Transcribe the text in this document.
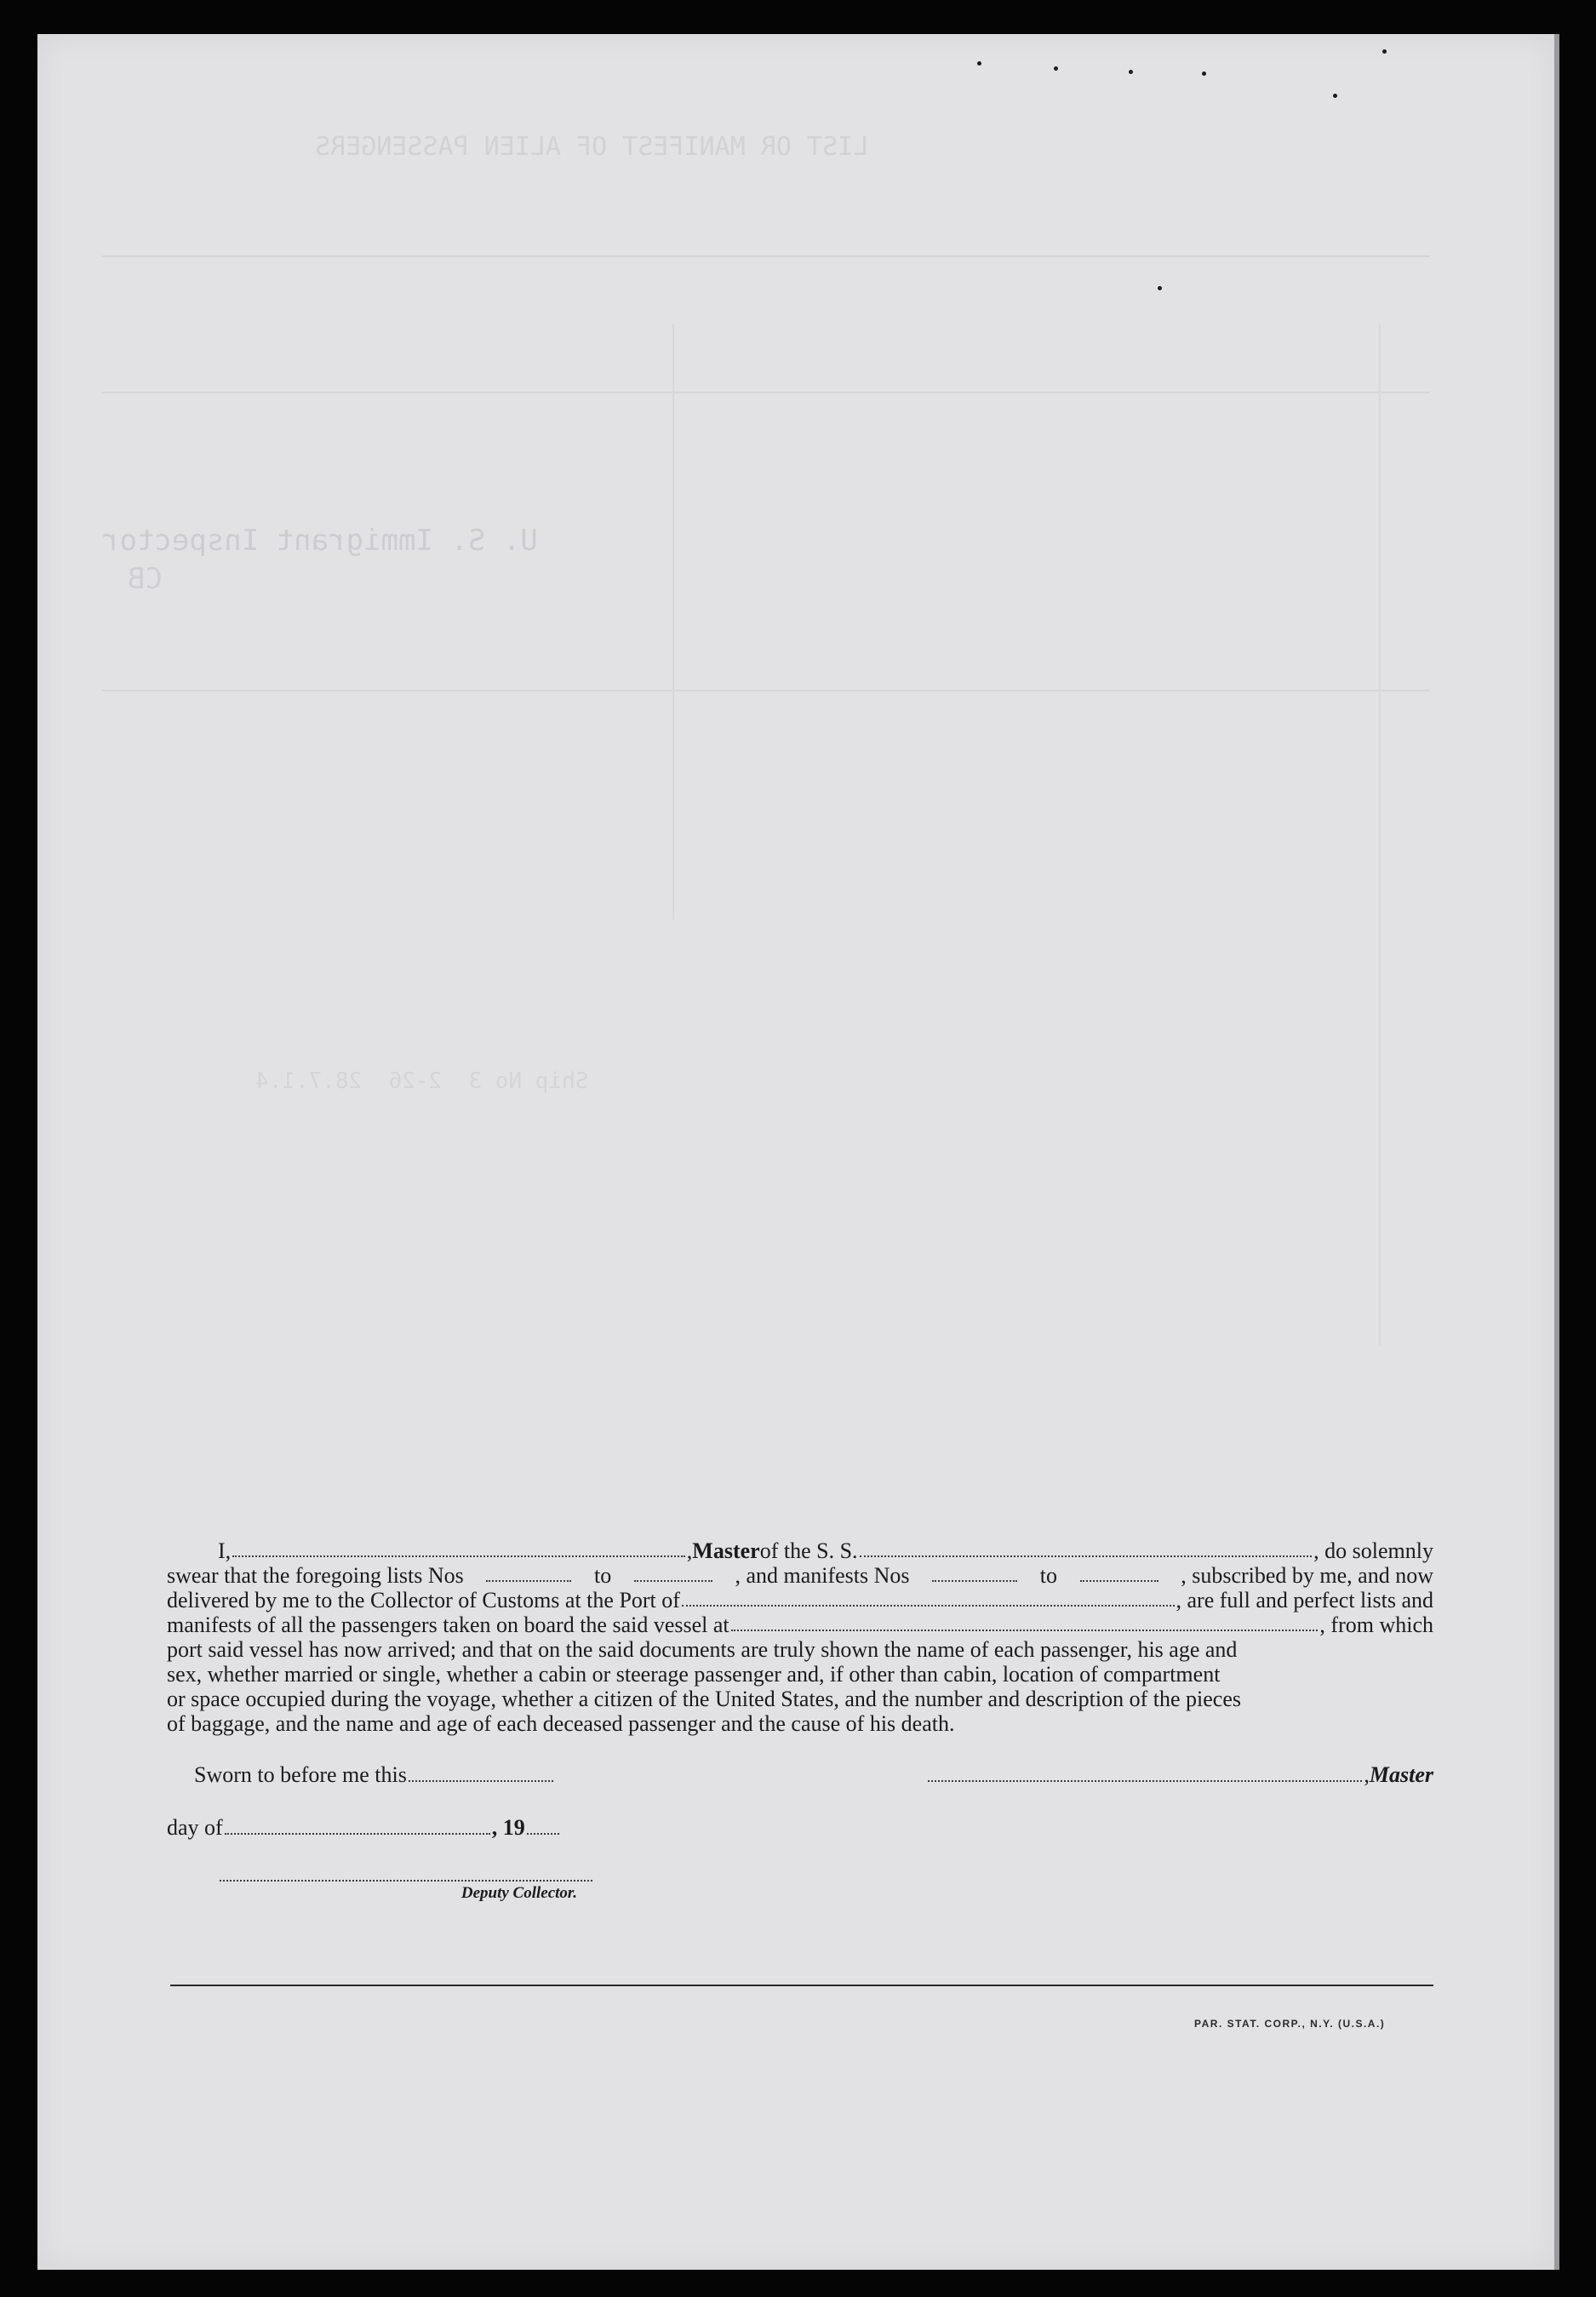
LIST OR MANIFEST OF ALIEN PASSENGERS
U. S. Immigrant Inspector
CB
Ship No 3  2-26  28.7.1.4
I,	, Master of the S. S.	, do solemnly
swear that the foregoing lists Nos	to	, and manifests Nos	to	, subscribed by me, and now
delivered by me to the Collector of Customs at the Port of	, are full and perfect lists and
manifests of all the passengers taken on board the said vessel at	, from which
port said vessel has now arrived; and that on the said documents are truly shown the name of each passenger, his age and
sex, whether married or single, whether a cabin or steerage passenger and, if other than cabin, location of compartment
or space occupied during the voyage, whether a citizen of the United States, and the number and description of the pieces
of baggage, and the name and age of each deceased passenger and the cause of his death.
Sworn to before me this	, Master
day of	, 19
Deputy Collector.
PAR. STAT. CORP., N.Y. (U.S.A.)
